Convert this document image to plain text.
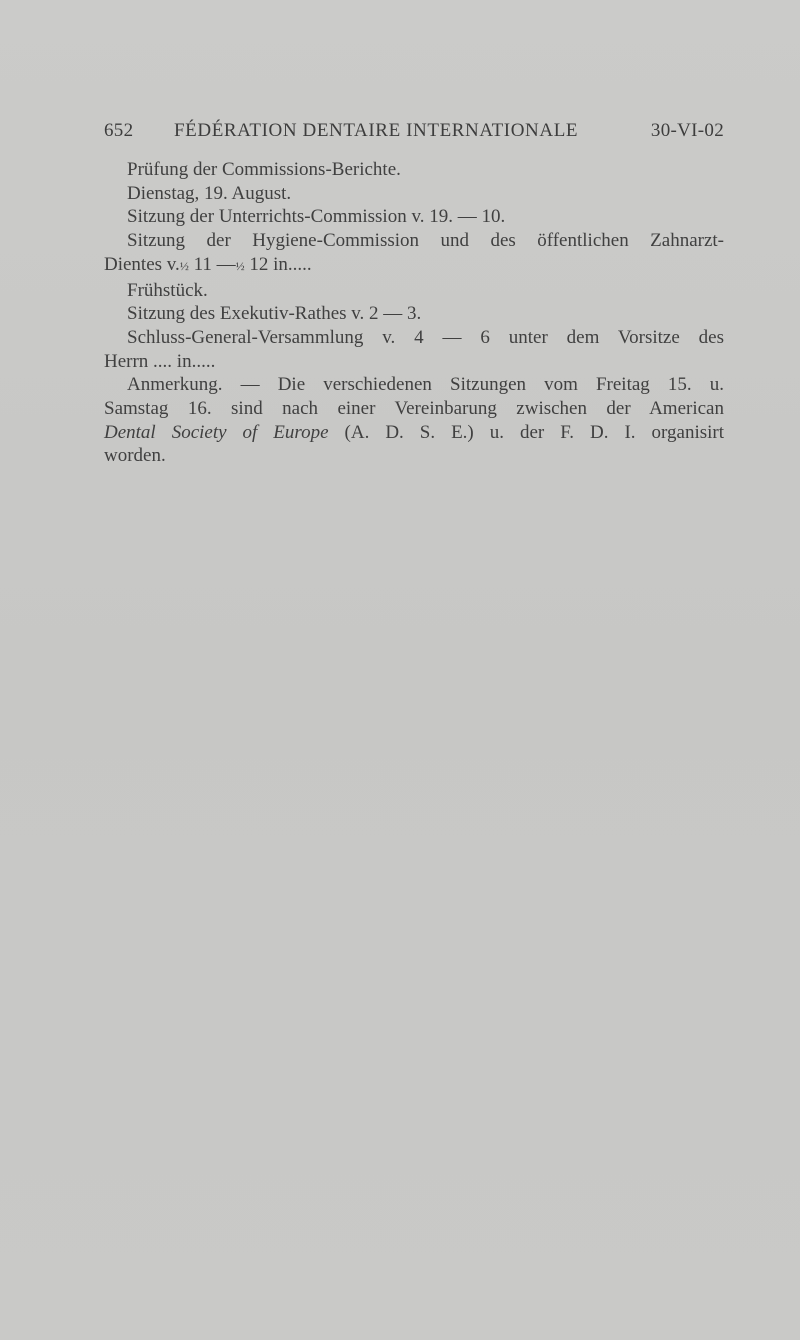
652 FÉDÉRATION DENTAIRE INTERNATIONALE	30-VI-02

Prüfung der Commissions-Berichte.

Dienstag, 19. August.

Sitzung der Unterrichts-Commission v. 19. — 10.

Sitzung der Hygiene-Commission und des öffentlichen Zahnarzt-

Dientes v.½ 11 —½ 12 in.....

Frühstück.

Sitzung des Exekutiv-Rathes v. 2 — 3.

Schluss-General-Versammlung v. 4 — 6 unter dem Vorsitze des

Herrn .... in.....

Anmerkung. — Die verschiedenen Sitzungen vom Freitag 15. u.

Samstag 16. sind nach einer Vereinbarung zwischen der American

Dental Society of Europe (A. D. S. E.) u. der F. D. I. organisirt

worden.
